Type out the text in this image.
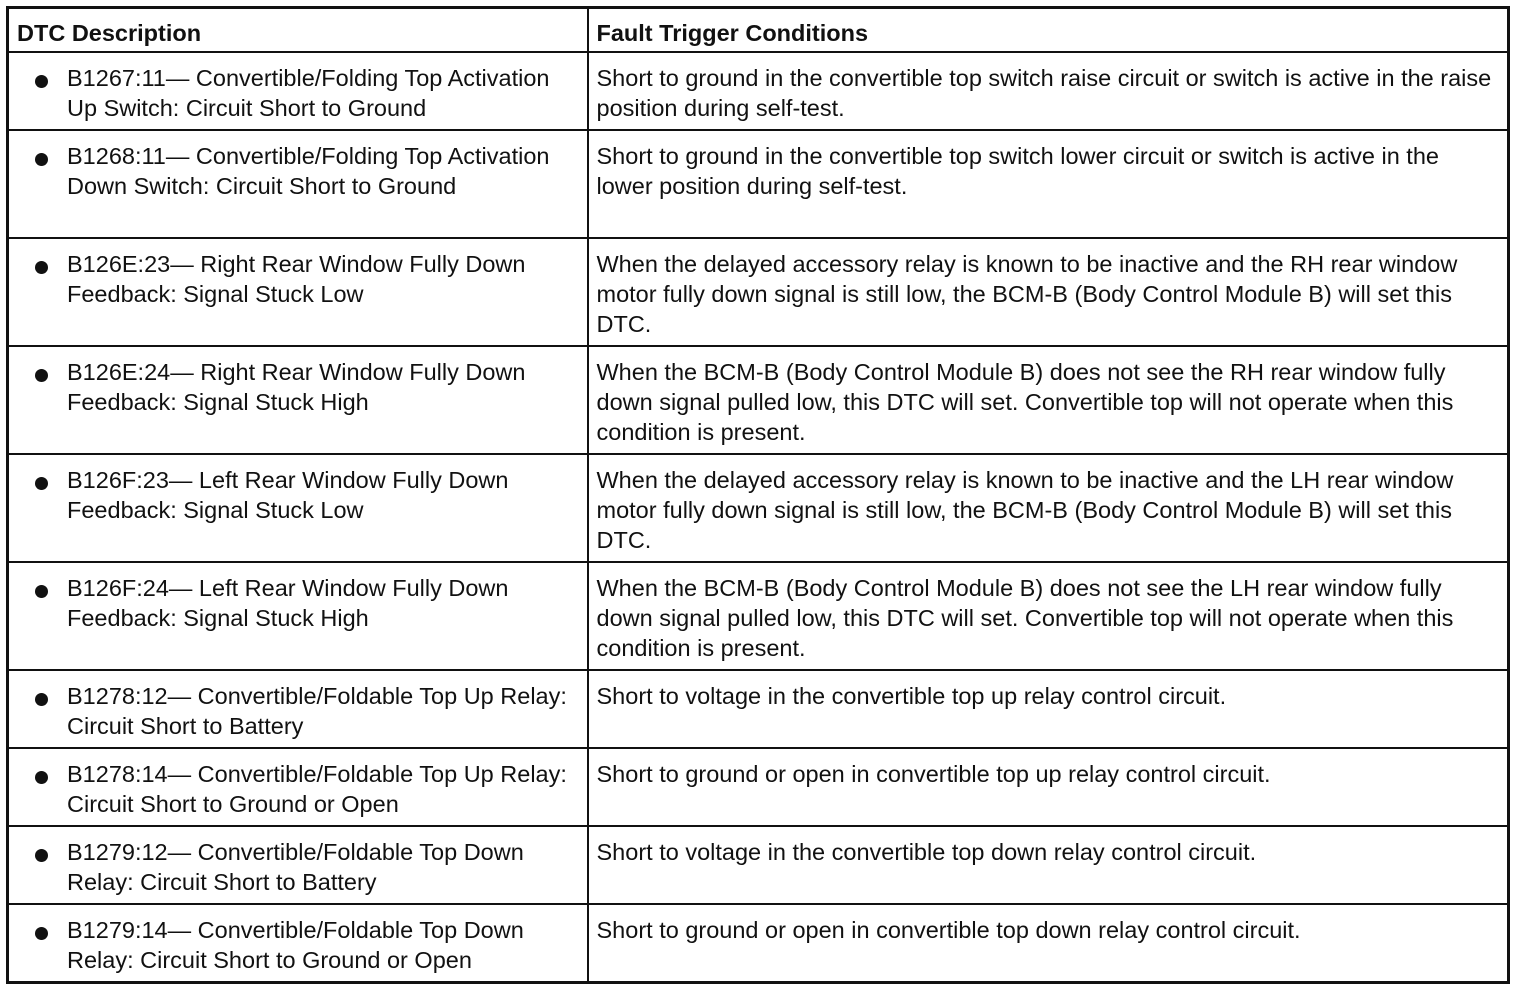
DTC Description	Fault Trigger Conditions

B1267:11— Convertible/Folding Top Activation Up Switch: Circuit Short to Ground	Short to ground in the convertible top switch raise circuit or switch is active in the raise position during self-test.

B1268:11— Convertible/Folding Top Activation Down Switch: Circuit Short to Ground	Short to ground in the convertible top switch lower circuit or switch is active in the lower position during self-test.

B126E:23— Right Rear Window Fully Down Feedback: Signal Stuck Low	When the delayed accessory relay is known to be inactive and the RH rear window motor fully down signal is still low, the BCM-B (Body Control Module B) will set this DTC.

B126E:24— Right Rear Window Fully Down Feedback: Signal Stuck High	When the BCM-B (Body Control Module B) does not see the RH rear window fully down signal pulled low, this DTC will set. Convertible top will not operate when this condition is present.

B126F:23— Left Rear Window Fully Down Feedback: Signal Stuck Low	When the delayed accessory relay is known to be inactive and the LH rear window motor fully down signal is still low, the BCM-B (Body Control Module B) will set this DTC.

B126F:24— Left Rear Window Fully Down Feedback: Signal Stuck High	When the BCM-B (Body Control Module B) does not see the LH rear window fully down signal pulled low, this DTC will set. Convertible top will not operate when this condition is present.

B1278:12— Convertible/Foldable Top Up Relay: Circuit Short to Battery	Short to voltage in the convertible top up relay control circuit.

B1278:14— Convertible/Foldable Top Up Relay: Circuit Short to Ground or Open	Short to ground or open in convertible top up relay control circuit.

B1279:12— Convertible/Foldable Top Down Relay: Circuit Short to Battery	Short to voltage in the convertible top down relay control circuit.

B1279:14— Convertible/Foldable Top Down Relay: Circuit Short to Ground or Open	Short to ground or open in convertible top down relay control circuit.
